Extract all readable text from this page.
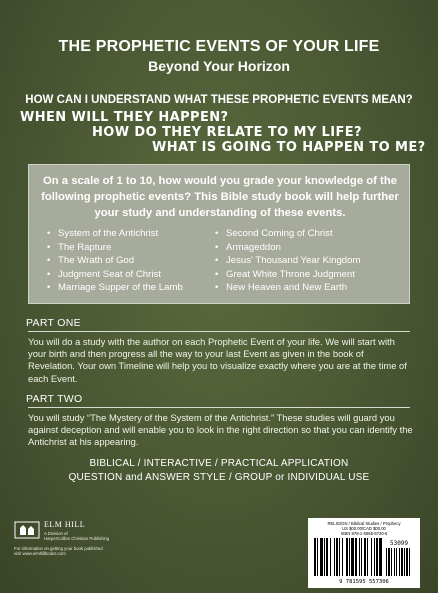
THE PROPHETIC EVENTS OF YOUR LIFE
Beyond Your Horizon
HOW CAN I UNDERSTAND WHAT THESE PROPHETIC EVENTS MEAN?
WHEN WILL THEY HAPPEN?
HOW DO THEY RELATE TO MY LIFE?
WHAT IS GOING TO HAPPEN TO ME?
On a scale of 1 to 10, how would you grade your knowledge of the following prophetic events? This Bible study book will help further your study and understanding of these events.
• System of the Antichrist
• The Rapture
• The Wrath of God
• Judgment Seat of Christ
• Marriage Supper of the Lamb
• Second Coming of Christ
• Armageddon
• Jesus' Thousand Year Kingdom
• Great White Throne Judgment
• New Heaven and New Earth
PART ONE
You will do a study with the author on each Prophetic Event of your life. We will start with your birth and then progress all the way to your last Event as given in the book of Revelation. Your own Timeline will help you to visualize exactly where you are at the time of each Event.
PART TWO
You will study “The Mystery of the System of the Antichrist.” These studies will guard you against deception and will enable you to look in the right direction so that you can identify the Antichrist at his appearing.
BIBLICAL / INTERACTIVE / PRACTICAL APPLICATION
QUESTION and ANSWER STYLE / GROUP or INDIVIDUAL USE
ELM HILL
A Division of
HarperCollins Christian Publishing
For information on getting your book published
visit www.elmhillbooks.com
RELIGION / Biblical Studies / Prophecy
US $00.00/CAD $00.00
ISBN 978-1-5955-5730-6
53099
9 781595 557306
